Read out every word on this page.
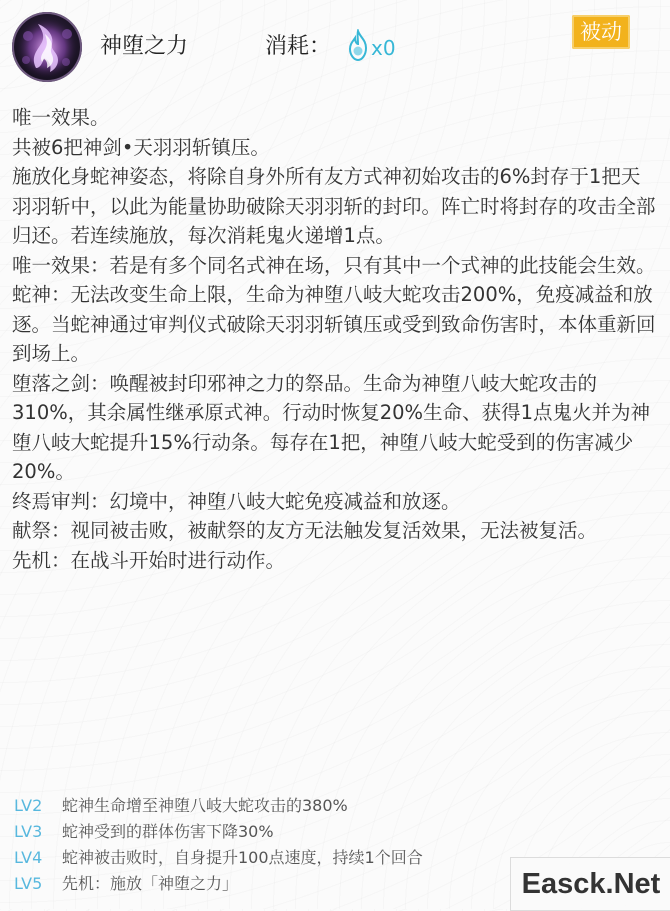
神堕之力	消耗： x0
被动

唯一效果。

共被6把神剑•天羽羽斩镇压。

施放化身蛇神姿态，将除自身外所有友方式神初始攻击的6%封存于1把天羽羽斩中，以此为能量协助破除天羽羽斩的封印。阵亡时将封存的攻击全部归还。若连续施放，每次消耗鬼火递增1点。

唯一效果：若是有多个同名式神在场，只有其中一个式神的此技能会生效。

蛇神：无法改变生命上限，生命为神堕八岐大蛇攻击200%，免疫减益和放逐。当蛇神通过审判仪式破除天羽羽斩镇压或受到致命伤害时，本体重新回到场上。

堕落之剑：唤醒被封印邪神之力的祭品。生命为神堕八岐大蛇攻击的310%，其余属性继承原式神。行动时恢复20%生命、获得1点鬼火并为神堕八岐大蛇提升15%行动条。每存在1把，神堕八岐大蛇受到的伤害减少20%。

终焉审判：幻境中，神堕八岐大蛇免疫减益和放逐。

献祭：视同被击败，被献祭的友方无法触发复活效果，无法被复活。

先机：在战斗开始时进行动作。

LV2 蛇神生命增至神堕八岐大蛇攻击的380%
LV3 蛇神受到的群体伤害下降30%
LV4 蛇神被击败时，自身提升100点速度，持续1个回合
LV5 先机：施放「神堕之力」	Easck.Net
